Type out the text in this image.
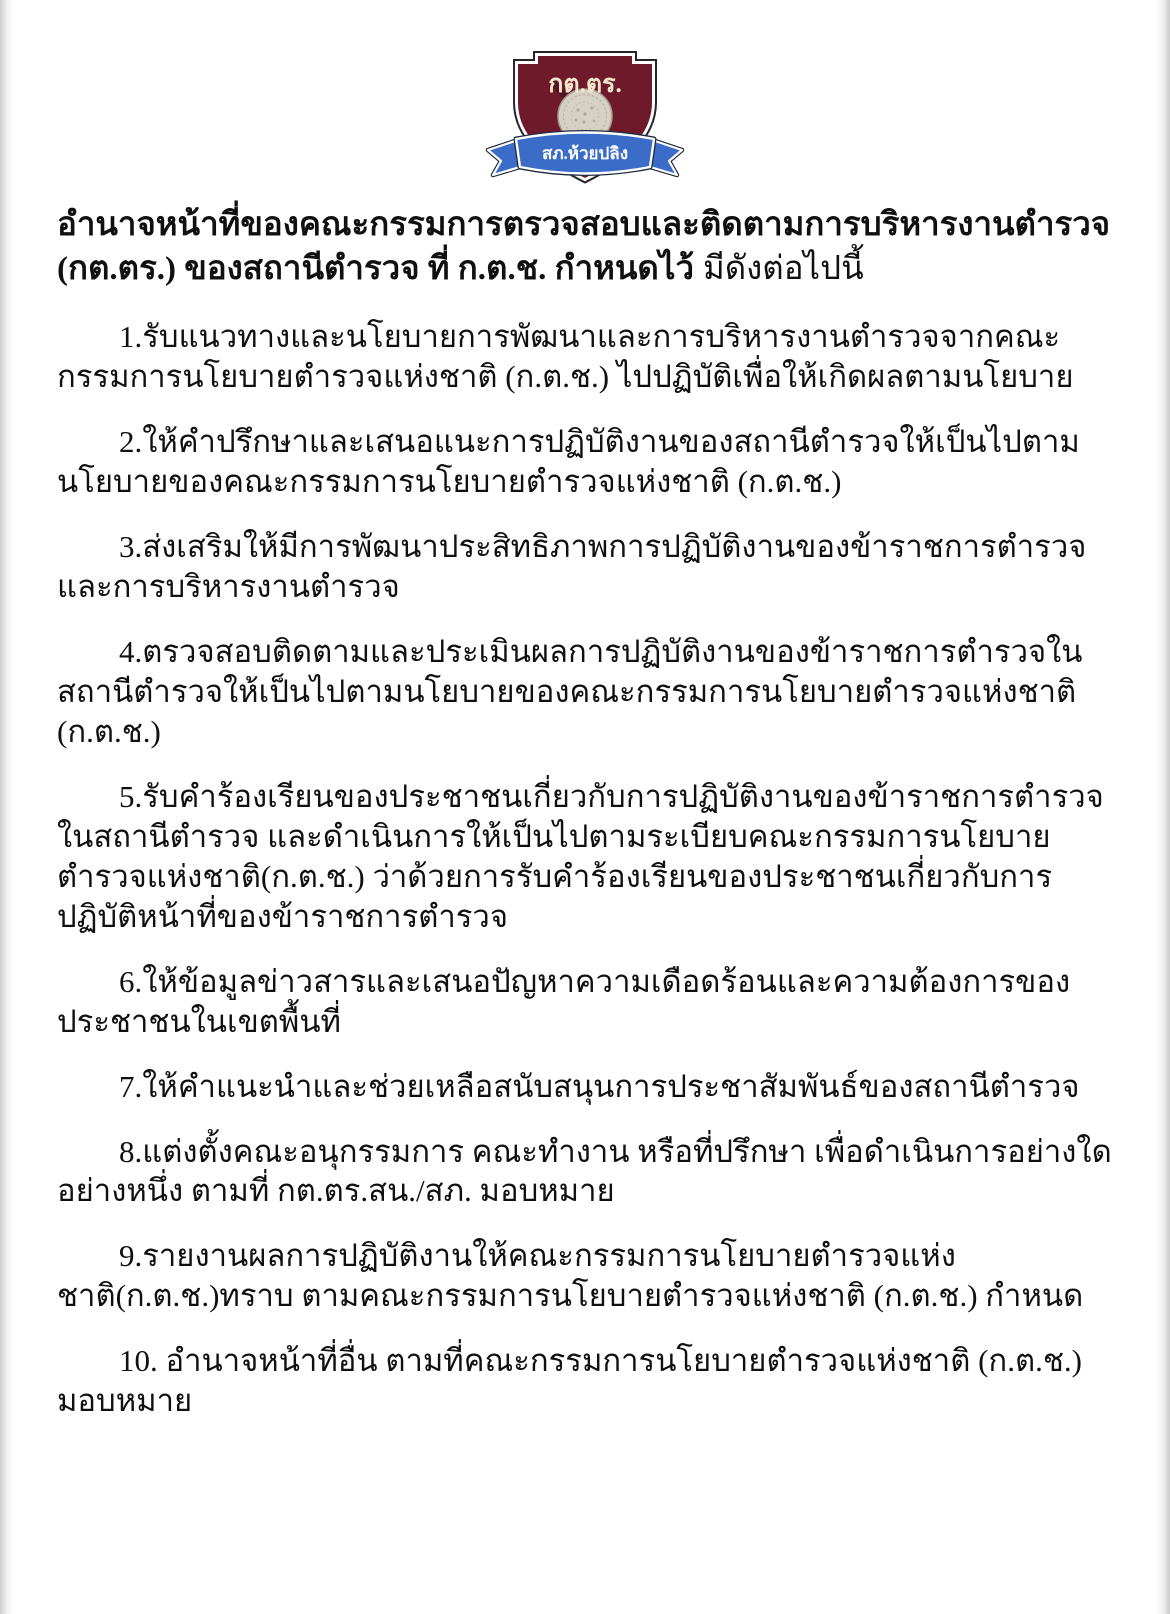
กต.ตร.
สภ.ห้วยปลิง
อำนาจหน้าที่ของคณะกรรมการตรวจสอบและติดตามการบริหารงานตำรวจ (กต.ตร.) ของสถานีตำรวจ ที่ ก.ต.ช. กำหนดไว้ มีดังต่อไปนี้

1.รับแนวทางและนโยบายการพัฒนาและการบริหารงานตำรวจจากคณะกรรมการนโยบายตำรวจแห่งชาติ (ก.ต.ช.) ไปปฏิบัติเพื่อให้เกิดผลตามนโยบาย

2.ให้คำปรึกษาและเสนอแนะการปฏิบัติงานของสถานีตำรวจให้เป็นไปตามนโยบายของคณะกรรมการนโยบายตำรวจแห่งชาติ (ก.ต.ช.)

3.ส่งเสริมให้มีการพัฒนาประสิทธิภาพการปฏิบัติงานของข้าราชการตำรวจและการบริหารงานตำรวจ

4.ตรวจสอบติดตามและประเมินผลการปฏิบัติงานของข้าราชการตำรวจในสถานีตำรวจให้เป็นไปตามนโยบายของคณะกรรมการนโยบายตำรวจแห่งชาติ (ก.ต.ช.)

5.รับคำร้องเรียนของประชาชนเกี่ยวกับการปฏิบัติงานของข้าราชการตำรวจในสถานีตำรวจ และดำเนินการให้เป็นไปตามระเบียบคณะกรรมการนโยบายตำรวจแห่งชาติ(ก.ต.ช.) ว่าด้วยการรับคำร้องเรียนของประชาชนเกี่ยวกับการปฏิบัติหน้าที่ของข้าราชการตำรวจ

6.ให้ข้อมูลข่าวสารและเสนอปัญหาความเดือดร้อนและความต้องการของประชาชนในเขตพื้นที่

7.ให้คำแนะนำและช่วยเหลือสนับสนุนการประชาสัมพันธ์ของสถานีตำรวจ

8.แต่งตั้งคณะอนุกรรมการ คณะทำงาน หรือที่ปรึกษา เพื่อดำเนินการอย่างใดอย่างหนึ่ง ตามที่ กต.ตร.สน./สภ. มอบหมาย

9.รายงานผลการปฏิบัติงานให้คณะกรรมการนโยบายตำรวจแห่งชาติ(ก.ต.ช.)ทราบ ตามคณะกรรมการนโยบายตำรวจแห่งชาติ (ก.ต.ช.) กำหนด

10. อำนาจหน้าที่อื่น ตามที่คณะกรรมการนโยบายตำรวจแห่งชาติ (ก.ต.ช.) มอบหมาย
